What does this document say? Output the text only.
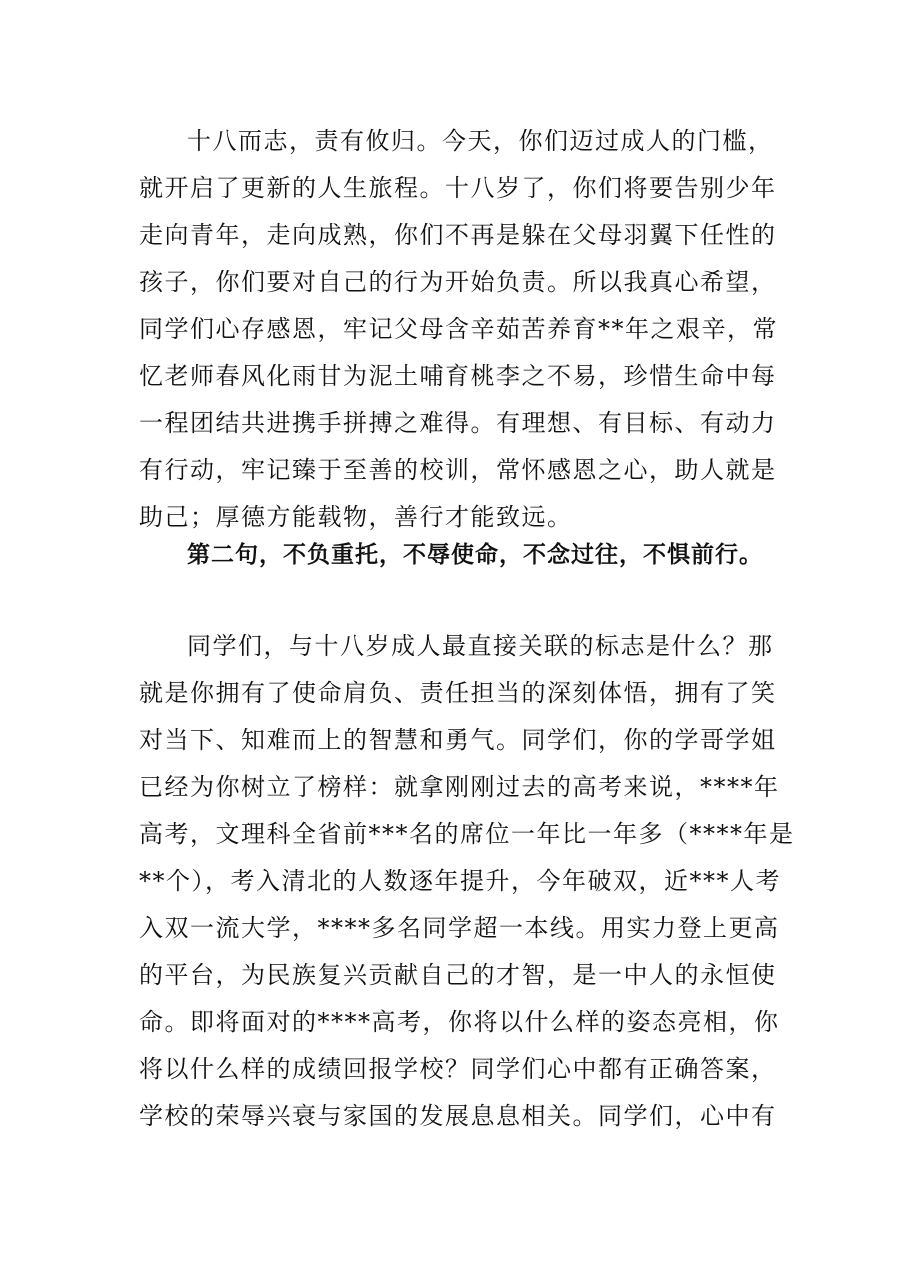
十八而志，责有攸归。今天，你们迈过成人的门槛，
就开启了更新的人生旅程。十八岁了，你们将要告别少年
走向青年，走向成熟，你们不再是躲在父母羽翼下任性的
孩子，你们要对自己的行为开始负责。所以我真心希望，
同学们心存感恩，牢记父母含辛茹苦养育**年之艰辛，常
忆老师春风化雨甘为泥土哺育桃李之不易，珍惜生命中每
一程团结共进携手拼搏之难得。有理想、有目标、有动力
有行动，牢记臻于至善的校训，常怀感恩之心，助人就是
助己；厚德方能载物，善行才能致远。
第二句，不负重托，不辱使命，不念过往，不惧前行。
同学们，与十八岁成人最直接关联的标志是什么？那
就是你拥有了使命肩负、责任担当的深刻体悟，拥有了笑
对当下、知难而上的智慧和勇气。同学们，你的学哥学姐
已经为你树立了榜样：就拿刚刚过去的高考来说，****年
高考，文理科全省前***名的席位一年比一年多（****年是
**个），考入清北的人数逐年提升，今年破双，近***人考
入双一流大学，****多名同学超一本线。用实力登上更高
的平台，为民族复兴贡献自己的才智，是一中人的永恒使
命。即将面对的****高考，你将以什么样的姿态亮相，你
将以什么样的成绩回报学校？同学们心中都有正确答案，
学校的荣辱兴衰与家国的发展息息相关。同学们，心中有
